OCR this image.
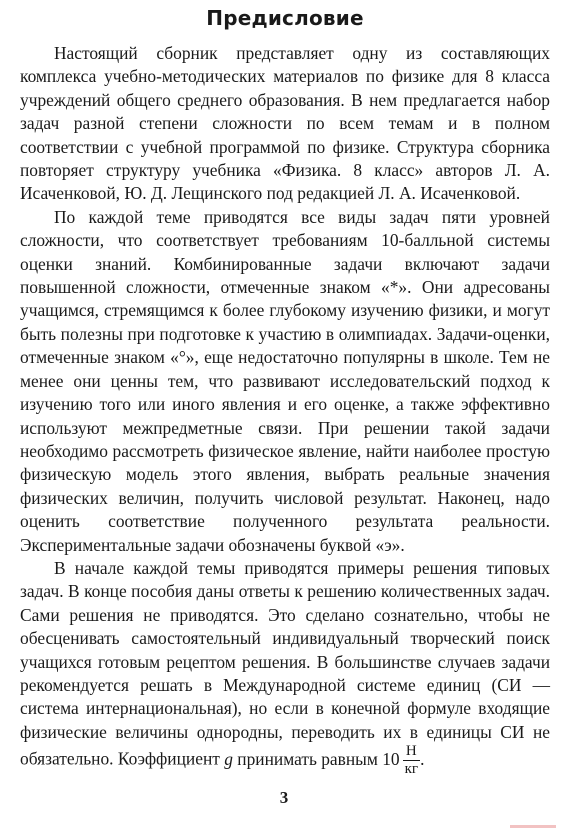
Предисловие

Настоящий сборник представляет одну из составляющих комплекса учебно-методических материалов по физике для 8 класса учреждений общего среднего образования. В нем предлагается набор задач разной степени сложности по всем темам и в полном соответствии с учебной программой по физике. Структура сборника повторяет структуру учебника «Физика. 8 класс» авторов Л. А. Исаченковой, Ю. Д. Лещинского под редакцией Л. А. Исаченковой.

По каждой теме приводятся все виды задач пяти уровней сложности, что соответствует требованиям 10-балльной системы оценки знаний. Комбинированные задачи включают задачи повышенной сложности, отмеченные знаком «*». Они адресованы учащимся, стремящимся к более глубокому изучению физики, и могут быть полезны при подготовке к участию в олимпиадах. Задачи-оценки, отмеченные знаком «°», еще недостаточно популярны в школе. Тем не менее они ценны тем, что развивают исследовательский подход к изучению того или иного явления и его оценке, а также эффективно используют межпредметные связи. При решении такой задачи необходимо рассмотреть физическое явление, найти наиболее простую физическую модель этого явления, выбрать реальные значения физических величин, получить числовой результат. Наконец, надо оценить соответствие полученного результата реальности. Экспериментальные задачи обозначены буквой «э».

В начале каждой темы приводятся примеры решения типовых задач. В конце пособия даны ответы к решению количественных задач. Сами решения не приводятся. Это сделано сознательно, чтобы не обесценивать самостоятельный индивидуальный творческий поиск учащихся готовым рецептом решения. В большинстве случаев задачи рекомендуется решать в Международной системе единиц (СИ — система интернациональная), но если в конечной формуле входящие физические величины однородны, переводить их в единицы СИ не обязательно. Коэффициент g принимать равным $10 \frac{Н}{кг}$ .

3
